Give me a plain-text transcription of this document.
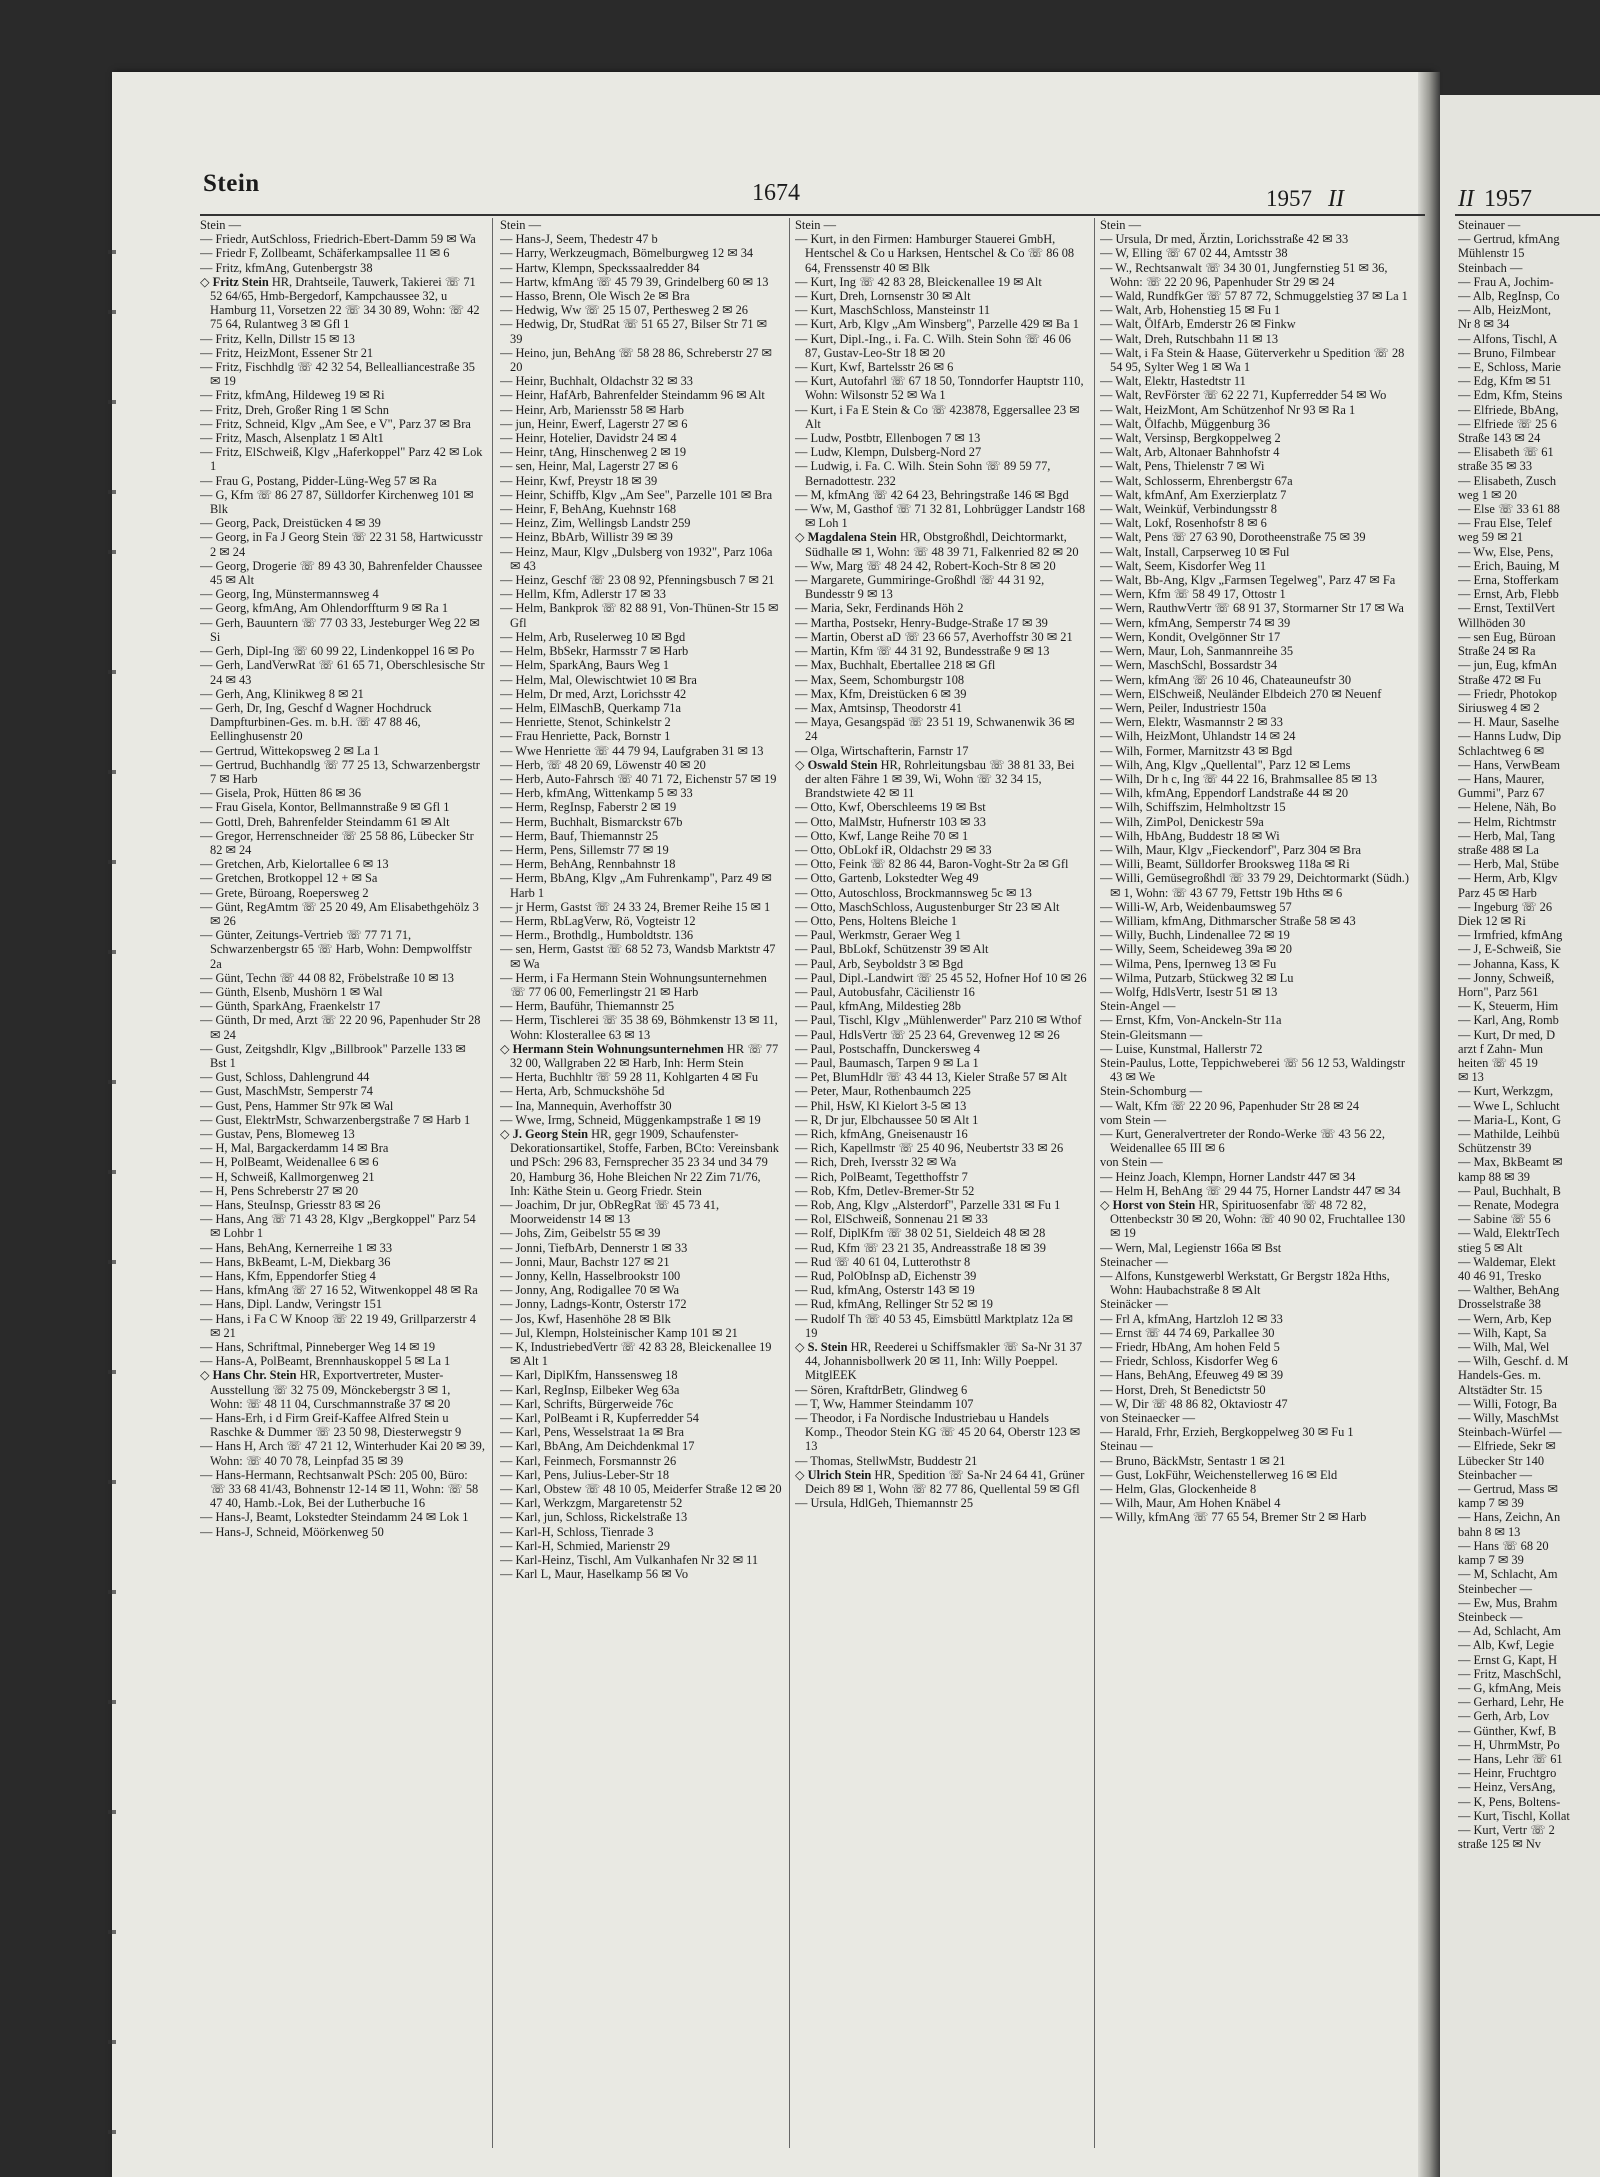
Stein	1674	1957 II

Stein —

— Friedr, AutSchloss, Friedrich-Ebert-Damm 59 ✉ Wa

— Friedr F, Zollbeamt, Schäferkampsallee 11 ✉ 6

— Fritz, kfmAng, Gutenbergstr 38

◇ Fritz Stein HR, Drahtseile, Tauwerk, Takierei ☏ 71 52 64/65, Hmb-Bergedorf, Kampchaussee 32, u Hamburg 11, Vorsetzen 22 ☏ 34 30 89, Wohn: ☏ 42 75 64, Rulantweg 3 ✉ Gfl 1

— Fritz, Kelln, Dillstr 15 ✉ 13

— Fritz, HeizMont, Essener Str 21

— Fritz, Fischhdlg ☏ 42 32 54, Bellealliancestraße 35 ✉ 19

— Fritz, kfmAng, Hildeweg 19 ✉ Ri

— Fritz, Dreh, Großer Ring 1 ✉ Schn

— Fritz, Schneid, Klgv „Am See, e V", Parz 37 ✉ Bra

— Fritz, Masch, Alsenplatz 1 ✉ Alt1

— Fritz, ElSchweiß, Klgv „Haferkoppel" Parz 42 ✉ Lok 1

— Frau G, Postang, Pidder-Lüng-Weg 57 ✉ Ra

— G, Kfm ☏ 86 27 87, Sülldorfer Kirchenweg 101 ✉ Blk

— Georg, Pack, Dreistücken 4 ✉ 39

— Georg, in Fa J Georg Stein ☏ 22 31 58, Hartwicusstr 2 ✉ 24

— Georg, Drogerie ☏ 89 43 30, Bahrenfelder Chaussee 45 ✉ Alt

— Georg, Ing, Münstermannsweg 4

— Georg, kfmAng, Am Ohlendorffturm 9 ✉ Ra 1

— Gerh, Bauuntern ☏ 77 03 33, Jesteburger Weg 22 ✉ Si

— Gerh, Dipl-Ing ☏ 60 99 22, Lindenkoppel 16 ✉ Po

— Gerh, LandVerwRat ☏ 61 65 71, Oberschlesische Str 24 ✉ 43

— Gerh, Ang, Klinikweg 8 ✉ 21

— Gerh, Dr, Ing, Geschf d Wagner Hochdruck Dampfturbinen-Ges. m. b.H. ☏ 47 88 46, Eellinghusenstr 20

— Gertrud, Wittekopsweg 2 ✉ La 1

— Gertrud, Buchhandlg ☏ 77 25 13, Schwarzenbergstr 7 ✉ Harb

— Gisela, Prok, Hütten 86 ✉ 36

— Frau Gisela, Kontor, Bellmannstraße 9 ✉ Gfl 1

— Gottl, Dreh, Bahrenfelder Steindamm 61 ✉ Alt

— Gregor, Herrenschneider ☏ 25 58 86, Lübecker Str 82 ✉ 24

— Gretchen, Arb, Kielortallee 6 ✉ 13

— Gretchen, Brotkoppel 12 + ✉ Sa

— Grete, Büroang, Roepersweg 2

— Günt, RegAmtm ☏ 25 20 49, Am Elisabethgehölz 3 ✉ 26

— Günter, Zeitungs-Vertrieb ☏ 77 71 71, Schwarzenbergstr 65 ☏ Harb, Wohn: Dempwolffstr 2a

— Günt, Techn ☏ 44 08 82, Fröbelstraße 10 ✉ 13

— Günth, Elsenb, Mushörn 1 ✉ Wal

— Günth, SparkAng, Fraenkelstr 17

— Günth, Dr med, Arzt ☏ 22 20 96, Papenhuder Str 28 ✉ 24

— Gust, Zeitgshdlr, Klgv „Billbrook" Parzelle 133 ✉ Bst 1

— Gust, Schloss, Dahlengrund 44

— Gust, MaschMstr, Semperstr 74

— Gust, Pens, Hammer Str 97k ✉ Wal

— Gust, ElektrMstr, Schwarzenbergstraße 7 ✉ Harb 1

— Gustav, Pens, Blomeweg 13

— H, Mal, Bargackerdamm 14 ✉ Bra

— H, PolBeamt, Weidenallee 6 ✉ 6

— H, Schweiß, Kallmorgenweg 21

— H, Pens Schreberstr 27 ✉ 20

— Hans, SteuInsp, Griesstr 83 ✉ 26

— Hans, Ang ☏ 71 43 28, Klgv „Bergkoppel" Parz 54 ✉ Lohbr 1

— Hans, BehAng, Kernerreihe 1 ✉ 33

— Hans, BkBeamt, L-M, Diekbarg 36

— Hans, Kfm, Eppendorfer Stieg 4

— Hans, kfmAng ☏ 27 16 52, Witwenkoppel 48 ✉ Ra

— Hans, Dipl. Landw, Veringstr 151

— Hans, i Fa C W Knoop ☏ 22 19 49, Grillparzerstr 4 ✉ 21

— Hans, Schriftmal, Pinneberger Weg 14 ✉ 19

— Hans-A, PolBeamt, Brennhauskoppel 5 ✉ La 1

◇ Hans Chr. Stein HR, Exportvertreter, Muster-Ausstellung ☏ 32 75 09, Mönckebergstr 3 ✉ 1, Wohn: ☏ 48 11 04, Curschmannstraße 37 ✉ 20

— Hans-Erh, i d Firm Greif-Kaffee Alfred Stein u Raschke & Dummer ☏ 23 50 98, Diesterwegstr 9

— Hans H, Arch ☏ 47 21 12, Winterhuder Kai 20 ✉ 39, Wohn: ☏ 40 70 78, Leinpfad 35 ✉ 39

— Hans-Hermann, Rechtsanwalt PSch: 205 00, Büro: ☏ 33 68 41/43, Bohnenstr 12-14 ✉ 11, Wohn: ☏ 58 47 40, Hamb.-Lok, Bei der Lutherbuche 16

— Hans-J, Beamt, Lokstedter Steindamm 24 ✉ Lok 1

— Hans-J, Schneid, Möörkenweg 50

Stein —

— Hans-J, Seem, Thedestr 47 b

— Harry, Werkzeugmach, Bömelburgweg 12 ✉ 34

— Hartw, Klempn, Speckssaalredder 84

— Hartw, kfmAng ☏ 45 79 39, Grindelberg 60 ✉ 13

— Hasso, Brenn, Ole Wisch 2e ✉ Bra

— Hedwig, Ww ☏ 25 15 07, Perthesweg 2 ✉ 26

— Hedwig, Dr, StudRat ☏ 51 65 27, Bilser Str 71 ✉ 39

— Heino, jun, BehAng ☏ 58 28 86, Schreberstr 27 ✉ 20

— Heinr, Buchhalt, Oldachstr 32 ✉ 33

— Heinr, HafArb, Bahrenfelder Steindamm 96 ✉ Alt

— Heinr, Arb, Mariensstr 58 ✉ Harb

— jun, Heinr, Ewerf, Lagerstr 27 ✉ 6

— Heinr, Hotelier, Davidstr 24 ✉ 4

— Heinr, tAng, Hinschenweg 2 ✉ 19

— sen, Heinr, Mal, Lagerstr 27 ✉ 6

— Heinr, Kwf, Preystr 18 ✉ 39

— Heinr, Schiffb, Klgv „Am See", Parzelle 101 ✉ Bra

— Heinr, F, BehAng, Kuehnstr 168

— Heinz, Zim, Wellingsb Landstr 259

— Heinz, BbArb, Willistr 39 ✉ 39

— Heinz, Maur, Klgv „Dulsberg von 1932", Parz 106a ✉ 43

— Heinz, Geschf ☏ 23 08 92, Pfenningsbusch 7 ✉ 21

— Hellm, Kfm, Adlerstr 17 ✉ 33

— Helm, Bankprok ☏ 82 88 91, Von-Thünen-Str 15 ✉ Gfl

— Helm, Arb, Ruselerweg 10 ✉ Bgd

— Helm, BbSekr, Harmsstr 7 ✉ Harb

— Helm, SparkAng, Baurs Weg 1

— Helm, Mal, Olewischtwiet 10 ✉ Bra

— Helm, Dr med, Arzt, Lorichsstr 42

— Helm, ElMaschB, Querkamp 71a

— Henriette, Stenot, Schinkelstr 2

— Frau Henriette, Pack, Bornstr 1

— Wwe Henriette ☏ 44 79 94, Laufgraben 31 ✉ 13

— Herb, ☏ 48 20 69, Löwenstr 40 ✉ 20

— Herb, Auto-Fahrsch ☏ 40 71 72, Eichenstr 57 ✉ 19

— Herb, kfmAng, Wittenkamp 5 ✉ 33

— Herm, RegInsp, Faberstr 2 ✉ 19

— Herm, Buchhalt, Bismarckstr 67b

— Herm, Bauf, Thiemannstr 25

— Herm, Pens, Sillemstr 77 ✉ 19

— Herm, BehAng, Rennbahnstr 18

— Herm, BbAng, Klgv „Am Fuhrenkamp", Parz 49 ✉ Harb 1

— jr Herm, Gastst ☏ 24 33 24, Bremer Reihe 15 ✉ 1

— Herm, RbLagVerw, Rö, Vogteistr 12

— Herm., Brothdlg., Humboldtstr. 136

— sen, Herm, Gastst ☏ 68 52 73, Wandsb Marktstr 47 ✉ Wa

— Herm, i Fa Hermann Stein Wohnungsunternehmen ☏ 77 06 00, Femerlingstr 21 ✉ Harb

— Herm, Bauführ, Thiemannstr 25

— Herm, Tischlerei ☏ 35 38 69, Böhmkenstr 13 ✉ 11, Wohn: Klosterallee 63 ✉ 13

◇ Hermann Stein Wohnungsunternehmen HR ☏ 77 32 00, Wallgraben 22 ✉ Harb, Inh: Herm Stein

— Herta, Buchhltr ☏ 59 28 11, Kohlgarten 4 ✉ Fu

— Herta, Arb, Schmuckshöhe 5d

— Ina, Mannequin, Averhoffstr 30

— Wwe, Irmg, Schneid, Müggenkampstraße 1 ✉ 19

◇ J. Georg Stein HR, gegr 1909, Schaufenster-Dekorationsartikel, Stoffe, Farben, BCto: Vereinsbank und PSch: 296 83, Fernsprecher 35 23 34 und 34 79 20, Hamburg 36, Hohe Bleichen Nr 22 Zim 71/76, Inh: Käthe Stein u. Georg Friedr. Stein

— Joachim, Dr jur, ObRegRat ☏ 45 73 41, Moorweidenstr 14 ✉ 13

— Johs, Zim, Geibelstr 55 ✉ 39

— Jonni, TiefbArb, Dennerstr 1 ✉ 33

— Jonni, Maur, Bachstr 127 ✉ 21

— Jonny, Kelln, Hasselbrookstr 100

— Jonny, Ang, Rodigallee 70 ✉ Wa

— Jonny, Ladngs-Kontr, Osterstr 172

— Jos, Kwf, Hasenhöhe 28 ✉ Blk

— Jul, Klempn, Holsteinischer Kamp 101 ✉ 21

— K, IndustriebedVertr ☏ 42 83 28, Bleickenallee 19 ✉ Alt 1

— Karl, DiplKfm, Hanssensweg 18

— Karl, RegInsp, Eilbeker Weg 63a

— Karl, Schrifts, Bürgerweide 76c

— Karl, PolBeamt i R, Kupferredder 54

— Karl, Pens, Wesselstraat 1a ✉ Bra

— Karl, BbAng, Am Deichdenkmal 17

— Karl, Feinmech, Forsmannstr 26

— Karl, Pens, Julius-Leber-Str 18

— Karl, Obstew ☏ 48 10 05, Meiderfer Straße 12 ✉ 20

— Karl, Werkzgm, Margaretenstr 52

— Karl, jun, Schloss, Rickelstraße 13

— Karl-H, Schloss, Tienrade 3

— Karl-H, Schmied, Marienstr 29

— Karl-Heinz, Tischl, Am Vulkanhafen Nr 32 ✉ 11

— Karl L, Maur, Haselkamp 56 ✉ Vo

Stein —

— Kurt, in den Firmen: Hamburger Stauerei GmbH, Hentschel & Co u Harksen, Hentschel & Co ☏ 86 08 64, Frenssenstr 40 ✉ Blk

— Kurt, Ing ☏ 42 83 28, Bleickenallee 19 ✉ Alt

— Kurt, Dreh, Lornsenstr 30 ✉ Alt

— Kurt, MaschSchloss, Mansteinstr 11

— Kurt, Arb, Klgv „Am Winsberg", Parzelle 429 ✉ Ba 1

— Kurt, Dipl.-Ing., i. Fa. C. Wilh. Stein Sohn ☏ 46 06 87, Gustav-Leo-Str 18 ✉ 20

— Kurt, Kwf, Bartelsstr 26 ✉ 6

— Kurt, Autofahrl ☏ 67 18 50, Tonndorfer Hauptstr 110, Wohn: Wilsonstr 52 ✉ Wa 1

— Kurt, i Fa E Stein & Co ☏ 423878, Eggersallee 23 ✉ Alt

— Ludw, Postbtr, Ellenbogen 7 ✉ 13

— Ludw, Klempn, Dulsberg-Nord 27

— Ludwig, i. Fa. C. Wilh. Stein Sohn ☏ 89 59 77, Bernadottestr. 232

— M, kfmAng ☏ 42 64 23, Behringstraße 146 ✉ Bgd

— Ww, M, Gasthof ☏ 71 32 81, Lohbrügger Landstr 168 ✉ Loh 1

◇ Magdalena Stein HR, Obstgroßhdl, Deichtormarkt, Südhalle ✉ 1, Wohn: ☏ 48 39 71, Falkenried 82 ✉ 20

— Ww, Marg ☏ 48 24 42, Robert-Koch-Str 8 ✉ 20

— Margarete, Gummiringe-Großhdl ☏ 44 31 92, Bundesstr 9 ✉ 13

— Maria, Sekr, Ferdinands Höh 2

— Martha, Postsekr, Henry-Budge-Straße 17 ✉ 39

— Martin, Oberst aD ☏ 23 66 57, Averhoffstr 30 ✉ 21

— Martin, Kfm ☏ 44 31 92, Bundesstraße 9 ✉ 13

— Max, Buchhalt, Ebertallee 218 ✉ Gfl

— Max, Seem, Schomburgstr 108

— Max, Kfm, Dreistücken 6 ✉ 39

— Max, Amtsinsp, Theodorstr 41

— Maya, Gesangspäd ☏ 23 51 19, Schwanenwik 36 ✉ 24

— Olga, Wirtschafterin, Farnstr 17

◇ Oswald Stein HR, Rohrleitungsbau ☏ 38 81 33, Bei der alten Fähre 1 ✉ 39, Wi, Wohn ☏ 32 34 15, Brandstwiete 42 ✉ 11

— Otto, Kwf, Oberschleems 19 ✉ Bst

— Otto, MalMstr, Hufnerstr 103 ✉ 33

— Otto, Kwf, Lange Reihe 70 ✉ 1

— Otto, ObLokf iR, Oldachstr 29 ✉ 33

— Otto, Feink ☏ 82 86 44, Baron-Voght-Str 2a ✉ Gfl

— Otto, Gartenb, Lokstedter Weg 49

— Otto, Autoschloss, Brockmannsweg 5c ✉ 13

— Otto, MaschSchloss, Augustenburger Str 23 ✉ Alt

— Otto, Pens, Holtens Bleiche 1

— Paul, Werkmstr, Geraer Weg 1

— Paul, BbLokf, Schützenstr 39 ✉ Alt

— Paul, Arb, Seyboldstr 3 ✉ Bgd

— Paul, Dipl.-Landwirt ☏ 25 45 52, Hofner Hof 10 ✉ 26

— Paul, Autobusfahr, Cäcilienstr 16

— Paul, kfmAng, Mildestieg 28b

— Paul, Tischl, Klgv „Mühlenwerder" Parz 210 ✉ Wthof

— Paul, HdlsVertr ☏ 25 23 64, Grevenweg 12 ✉ 26

— Paul, Postschaffn, Dunckersweg 4

— Paul, Baumasch, Tarpen 9 ✉ La 1

— Pet, BlumHdlr ☏ 43 44 13, Kieler Straße 57 ✉ Alt

— Peter, Maur, Rothenbaumch 225

— Phil, HsW, Kl Kielort 3-5 ✉ 13

— R, Dr jur, Elbchaussee 50 ✉ Alt 1

— Rich, kfmAng, Gneisenaustr 16

— Rich, Kapellmstr ☏ 25 40 96, Neubertstr 33 ✉ 26

— Rich, Dreh, Iversstr 32 ✉ Wa

— Rich, PolBeamt, Tegetthoffstr 7

— Rob, Kfm, Detlev-Bremer-Str 52

— Rob, Ang, Klgv „Alsterdorf", Parzelle 331 ✉ Fu 1

— Rol, ElSchweiß, Sonnenau 21 ✉ 33

— Rolf, DiplKfm ☏ 38 02 51, Sieldeich 48 ✉ 28

— Rud, Kfm ☏ 23 21 35, Andreasstraße 18 ✉ 39

— Rud ☏ 40 61 04, Lutterothstr 8

— Rud, PolObInsp aD, Eichenstr 39

— Rud, kfmAng, Osterstr 143 ✉ 19

— Rud, kfmAng, Rellinger Str 52 ✉ 19

— Rudolf Th ☏ 40 53 45, Eimsbüttl Marktplatz 12a ✉ 19

◇ S. Stein HR, Reederei u Schiffsmakler ☏ Sa-Nr 31 37 44, Johannisbollwerk 20 ✉ 11, Inh: Willy Poeppel. MitglEEK

— Sören, KraftdrBetr, Glindweg 6

— T, Ww, Hammer Steindamm 107

— Theodor, i Fa Nordische Industriebau u Handels Komp., Theodor Stein KG ☏ 45 20 64, Oberstr 123 ✉ 13

— Thomas, StellwMstr, Buddestr 21

◇ Ulrich Stein HR, Spedition ☏ Sa-Nr 24 64 41, Grüner Deich 89 ✉ 1, Wohn ☏ 82 77 86, Quellental 59 ✉ Gfl

— Ursula, HdlGeh, Thiemannstr 25

Stein —

— Ursula, Dr med, Ärztin, Lorichsstraße 42 ✉ 33

— W, Elling ☏ 67 02 44, Amtsstr 38

— W., Rechtsanwalt ☏ 34 30 01, Jungfernstieg 51 ✉ 36, Wohn: ☏ 22 20 96, Papenhuder Str 29 ✉ 24

— Wald, RundfkGer ☏ 57 87 72, Schmuggelstieg 37 ✉ La 1

— Walt, Arb, Hohenstieg 15 ✉ Fu 1

— Walt, ÖlfArb, Emderstr 26 ✉ Finkw

— Walt, Dreh, Rutschbahn 11 ✉ 13

— Walt, i Fa Stein & Haase, Güterverkehr u Spedition ☏ 28 54 95, Sylter Weg 1 ✉ Wa 1

— Walt, Elektr, Hastedtstr 11

— Walt, RevFörster ☏ 62 22 71, Kupferredder 54 ✉ Wo

— Walt, HeizMont, Am Schützenhof Nr 93 ✉ Ra 1

— Walt, Ölfachb, Müggenburg 36

— Walt, Versinsp, Bergkoppelweg 2

— Walt, Arb, Altonaer Bahnhofstr 4

— Walt, Pens, Thielenstr 7 ✉ Wi

— Walt, Schlosserm, Ehrenbergstr 67a

— Walt, kfmAnf, Am Exerzierplatz 7

— Walt, Weinküf, Verbindungsstr 8

— Walt, Lokf, Rosenhofstr 8 ✉ 6

— Walt, Pens ☏ 27 63 90, Dorotheenstraße 75 ✉ 39

— Walt, Install, Carpserweg 10 ✉ Ful

— Walt, Seem, Kisdorfer Weg 11

— Walt, Bb-Ang, Klgv „Farmsen Tegelweg", Parz 47 ✉ Fa

— Wern, Kfm ☏ 58 49 17, Ottostr 1

— Wern, RauthwVertr ☏ 68 91 37, Stormarner Str 17 ✉ Wa

— Wern, kfmAng, Semperstr 74 ✉ 39

— Wern, Kondit, Ovelgönner Str 17

— Wern, Maur, Loh, Sanmannreihe 35

— Wern, MaschSchl, Bossardstr 34

— Wern, kfmAng ☏ 26 10 46, Chateauneufstr 30

— Wern, ElSchweiß, Neuländer Elbdeich 270 ✉ Neuenf

— Wern, Peiler, Industriestr 150a

— Wern, Elektr, Wasmannstr 2 ✉ 33

— Wilh, HeizMont, Uhlandstr 14 ✉ 24

— Wilh, Former, Marnitzstr 43 ✉ Bgd

— Wilh, Ang, Klgv „Quellental", Parz 12 ✉ Lems

— Wilh, Dr h c, Ing ☏ 44 22 16, Brahmsallee 85 ✉ 13

— Wilh, kfmAng, Eppendorf Landstraße 44 ✉ 20

— Wilh, Schiffszim, Helmholtzstr 15

— Wilh, ZimPol, Denickestr 59a

— Wilh, HbAng, Buddestr 18 ✉ Wi

— Wilh, Maur, Klgv „Fieckendorf", Parz 304 ✉ Bra

— Willi, Beamt, Sülldorfer Brooksweg 118a ✉ Ri

— Willi, Gemüsegroßhdl ☏ 33 79 29, Deichtormarkt (Südh.) ✉ 1, Wohn: ☏ 43 67 79, Fettstr 19b Hths ✉ 6

— Willi-W, Arb, Weidenbaumsweg 57

— William, kfmAng, Dithmarscher Straße 58 ✉ 43

— Willy, Buchh, Lindenallee 72 ✉ 19

— Willy, Seem, Scheideweg 39a ✉ 20

— Wilma, Pens, Ipernweg 13 ✉ Fu

— Wilma, Putzarb, Stückweg 32 ✉ Lu

— Wolfg, HdlsVertr, Isestr 51 ✉ 13

Stein-Angel —

— Ernst, Kfm, Von-Anckeln-Str 11a

Stein-Gleitsmann —

— Luise, Kunstmal, Hallerstr 72

Stein-Paulus, Lotte, Teppichweberei ☏ 56 12 53, Waldingstr 43 ✉ We

Stein-Schomburg —

— Walt, Kfm ☏ 22 20 96, Papenhuder Str 28 ✉ 24

vom Stein —

— Kurt, Generalvertreter der Rondo-Werke ☏ 43 56 22, Weidenallee 65 III ✉ 6

von Stein —

— Heinz Joach, Klempn, Horner Landstr 447 ✉ 34

— Helm H, BehAng ☏ 29 44 75, Horner Landstr 447 ✉ 34

◇ Horst von Stein HR, Spirituosenfabr ☏ 48 72 82, Ottenbeckstr 30 ✉ 20, Wohn: ☏ 40 90 02, Fruchtallee 130 ✉ 19

— Wern, Mal, Legienstr 166a ✉ Bst

Steinacher —

— Alfons, Kunstgewerbl Werkstatt, Gr Bergstr 182a Hths, Wohn: Haubachstraße 8 ✉ Alt

Steinäcker —

— Frl A, kfmAng, Hartzloh 12 ✉ 33

— Ernst ☏ 44 74 69, Parkallee 30

— Friedr, HbAng, Am hohen Feld 5

— Friedr, Schloss, Kisdorfer Weg 6

— Hans, BehAng, Efeuweg 49 ✉ 39

— Horst, Dreh, St Benedictstr 50

— W, Dir ☏ 48 86 82, Oktaviostr 47

von Steinaecker —

— Harald, Frhr, Erzieh, Bergkoppelweg 30 ✉ Fu 1

Steinau —

— Bruno, BäckMstr, Sentastr 1 ✉ 21

— Gust, LokFühr, Weichenstellerweg 16 ✉ Eld

— Helm, Glas, Glockenheide 8

— Wilh, Maur, Am Hohen Knäbel 4

— Willy, kfmAng ☏ 77 65 54, Bremer Str 2 ✉ Harb

II 1957
Steinauer —
— Gertrud, kfmAng
Mühlenstr 15
Steinbach —
— Frau A, Jochim-
— Alb, RegInsp, Co
— Alb, HeizMont,
Nr 8 ✉ 34
— Alfons, Tischl, A
— Bruno, Filmbear
— E, Schloss, Marie
— Edg, Kfm ✉ 51
— Edm, Kfm, Steins
— Elfriede, BbAng,
— Elfriede ☏ 25 6
Straße 143 ✉ 24
— Elisabeth ☏ 61
straße 35 ✉ 33
— Elisabeth, Zusch
weg 1 ✉ 20
— Else ☏ 33 61 88
— Frau Else, Telef
weg 59 ✉ 21
— Ww, Else, Pens,
— Erich, Bauing, M
— Erna, Stofferkam
— Ernst, Arb, Flebb
— Ernst, TextilVert
Willhöden 30
— sen Eug, Büroan
Straße 24 ✉ Ra
— jun, Eug, kfmAn
Straße 472 ✉ Fu
— Friedr, Photokop
Siriusweg 4 ✉ 2
— H. Maur, Saselhe
— Hanns Ludw, Dip
Schlachtweg 6 ✉
— Hans, VerwBeam
— Hans, Maurer,
Gummi", Parz 67
— Helene, Näh, Bo
— Helm, Richtmstr
— Herb, Mal, Tang
straße 488 ✉ La
— Herb, Mal, Stübe
— Herm, Arb, Klgv
Parz 45 ✉ Harb
— Ingeburg ☏ 26
Diek 12 ✉ Ri
— Irmfried, kfmAng
— J, E-Schweiß, Sie
— Johanna, Kass, K
— Jonny, Schweiß,
Horn", Parz 561
— K, Steuerm, Him
— Karl, Ang, Romb
— Kurt, Dr med, D
arzt f Zahn- Mun
heiten ☏ 45 19
✉ 13
— Kurt, Werkzgm,
— Wwe L, Schlucht
— Maria-L, Kont, G
— Mathilde, Leihbü
Schützenstr 39
— Max, BkBeamt ✉
kamp 88 ✉ 39
— Paul, Buchhalt, B
— Renate, Modegra
— Sabine ☏ 55 6
— Wald, ElektrTech
stieg 5 ✉ Alt
— Waldemar, Elekt
40 46 91, Tresko
— Walther, BehAng
Drosselstraße 38
— Wern, Arb, Kep
— Wilh, Kapt, Sa
— Wilh, Mal, Wel
— Wilh, Geschf. d. M
Handels-Ges. m.
Altstädter Str. 15
— Willi, Fotogr, Ba
— Willy, MaschMst
Steinbach-Würfel —
— Elfriede, Sekr ✉
Lübecker Str 140
Steinbacher —
— Gertrud, Mass ✉
kamp 7 ✉ 39
— Hans, Zeichn, An
bahn 8 ✉ 13
— Hans ☏ 68 20
kamp 7 ✉ 39
— M, Schlacht, Am
Steinbecher —
— Ew, Mus, Brahm
Steinbeck —
— Ad, Schlacht, Am
— Alb, Kwf, Legie
— Ernst G, Kapt, H
— Fritz, MaschSchl,
— G, kfmAng, Meis
— Gerhard, Lehr, He
— Gerh, Arb, Lov
— Günther, Kwf, B
— H, UhrmMstr, Po
— Hans, Lehr ☏ 61
— Heinr, Fruchtgro
— Heinz, VersAng,
— K, Pens, Boltens-
— Kurt, Tischl, Kollat
— Kurt, Vertr ☏ 2
straße 125 ✉ Nv
